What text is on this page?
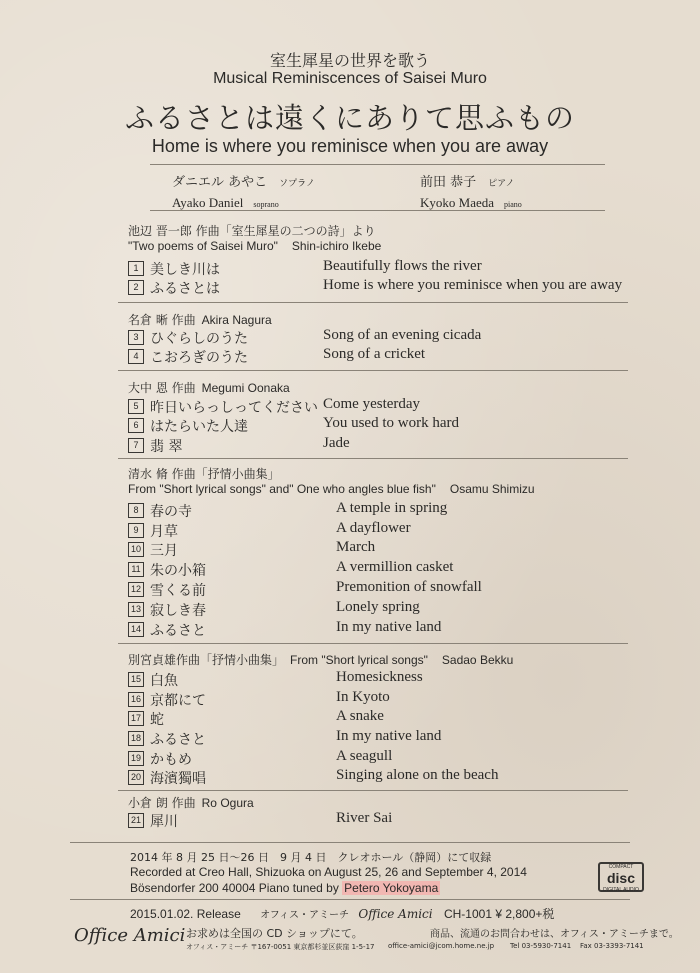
室生犀星の世界を歌う
Musical Reminiscences of Saisei Muro
ふるさとは遠くにありて思ふもの
Home is where you reminisce when you are away
ダニエル あやこ ソプラノ
Ayako Daniel soprano
前田 恭子 ピアノ
Kyoko Maeda piano
池辺 晋一郎 作曲「室生犀星の二つの詩」より
"Two poems of Saisei Muro" Shin-ichiro Ikebe
1 美しき川は	Beautifully flows the river
2 ふるさとは	Home is where you reminisce when you are away
名倉 晰 作曲 Akira Nagura
3 ひぐらしのうた	Song of an evening cicada
4 こおろぎのうた	Song of a cricket
大中 恩 作曲 Megumi Oonaka
5 昨日いらっしってください Come yesterday
6 はたらいた人達	You used to work hard
7 翡 翠	Jade
清水 脩 作曲「抒情小曲集」
From "Short lyrical songs" and" One who angles blue fish" Osamu Shimizu
8 春の寺	A temple in spring
9 月草	A dayflower
10 三月	March
11 朱の小箱	A vermillion casket
12 雪くる前	Premonition of snowfall
13 寂しき春	Lonely spring
14 ふるさと	In my native land
別宮貞雄作曲「抒情小曲集」 From "Short lyrical songs" Sadao Bekku
15 白魚	Homesickness
16 京都にて	In Kyoto
17 蛇	A snake
18 ふるさと	In my native land
19 かもめ	A seagull
20 海濱獨唱	Singing alone on the beach
小倉 朗 作曲 Ro Ogura
21 犀川	River Sai
2014 年 8 月 25 日〜26 日　9 月 4 日　クレオホール（静岡）にて収録
Recorded at Creo Hall, Shizuoka on August 25, 26 and September 4, 2014
Bösendorfer 200 40004 Piano tuned by Petero Yokoyama
COMPACT
disc
DIGITAL AUDIO
2015.01.02. Release オフィス・アミーチ Office Amici CH-1001 ¥ 2,800+税
Office Amici お求めは全国の CD ショップにて。	商品、流通のお問合わせは、オフィス・アミーチまで。
オフィス・アミーチ 〒167-0051 東京都杉並区荻窪 1-5-17 office-amici@jcom.home.ne.jp Tel 03-5930-7141 Fax 03-3393-7141
